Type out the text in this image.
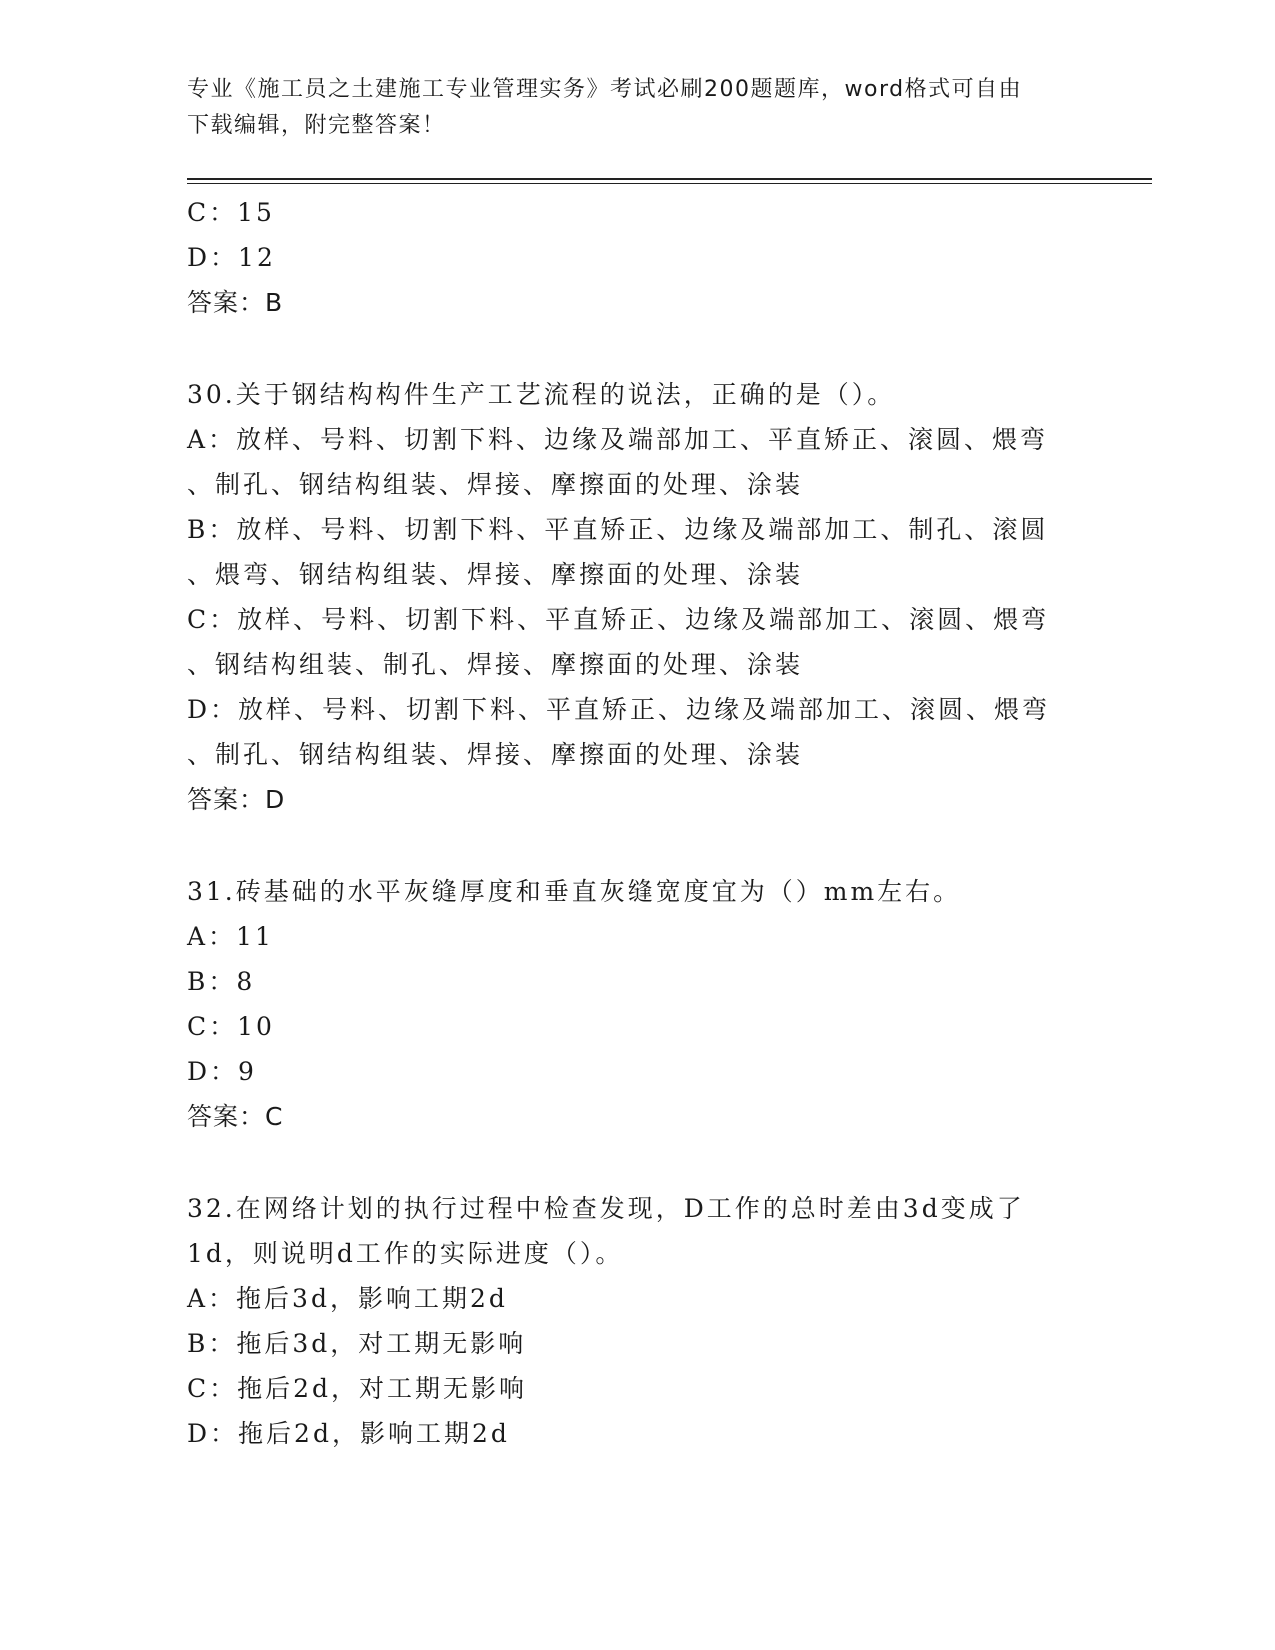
专业《施工员之土建施工专业管理实务》考试必刷200题题库，word格式可自由
下载编辑，附完整答案！
C：15
D：12
答案：B
30.关于钢结构构件生产工艺流程的说法，正确的是（）。
A：放样、号料、切割下料、边缘及端部加工、平直矫正、滚圆、煨弯
、制孔、钢结构组装、焊接、摩擦面的处理、涂装
B：放样、号料、切割下料、平直矫正、边缘及端部加工、制孔、滚圆
、煨弯、钢结构组装、焊接、摩擦面的处理、涂装
C：放样、号料、切割下料、平直矫正、边缘及端部加工、滚圆、煨弯
、钢结构组装、制孔、焊接、摩擦面的处理、涂装
D：放样、号料、切割下料、平直矫正、边缘及端部加工、滚圆、煨弯
、制孔、钢结构组装、焊接、摩擦面的处理、涂装
答案：D
31.砖基础的水平灰缝厚度和垂直灰缝宽度宜为（）mm左右。
A：11
B：8
C：10
D：9
答案：C
32.在网络计划的执行过程中检查发现，D工作的总时差由3d变成了
1d，则说明d工作的实际进度（）。
A：拖后3d，影响工期2d
B：拖后3d，对工期无影响
C：拖后2d，对工期无影响
D：拖后2d，影响工期2d
